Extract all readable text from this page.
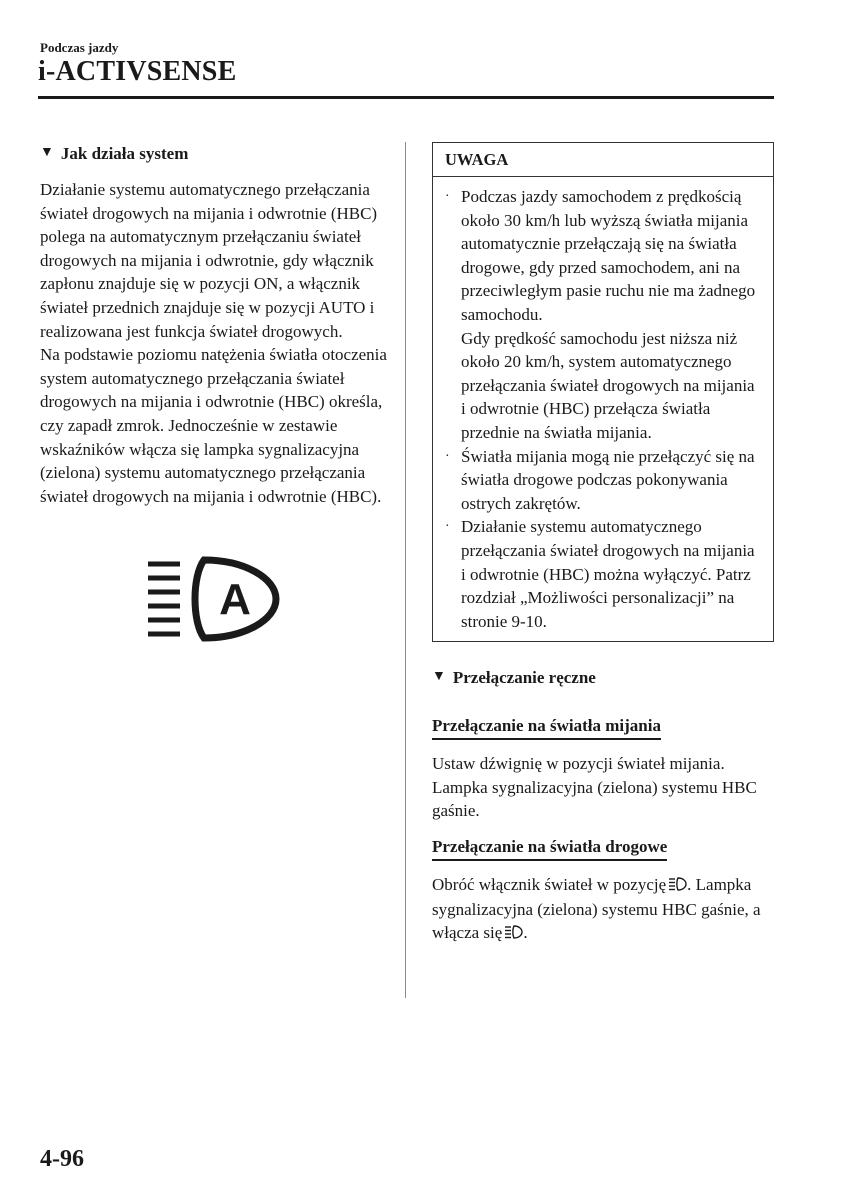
Podczas jazdy
i-ACTIVSENSE
▼ Jak działa system

Działanie systemu automatycznego przełączania świateł drogowych na mijania i odwrotnie (HBC) polega na automatycznym przełączaniu świateł drogowych na mijania i odwrotnie, gdy włącznik zapłonu znajduje się w pozycji ON, a włącznik świateł przednich znajduje się w pozycji AUTO i realizowana jest funkcja świateł drogowych.

Na podstawie poziomu natężenia światła otoczenia system automatycznego przełączania świateł drogowych na mijania i odwrotnie (HBC) określa, czy zapadł zmrok. Jednocześnie w zestawie wskaźników włącza się lampka sygnalizacyjna (zielona) systemu automatycznego przełączania świateł drogowych na mijania i odwrotnie (HBC).

A
UWAGA
· Podczas jazdy samochodem z prędkością około 30 km/h lub wyższą światła mijania automatycznie przełączają się na światła drogowe, gdy przed samochodem, ani na przeciwległym pasie ruchu nie ma żadnego samochodu.
Gdy prędkość samochodu jest niższa niż około 20 km/h, system automatycznego przełączania świateł drogowych na mijania i odwrotnie (HBC) przełącza światła przednie na światła mijania.
· Światła mijania mogą nie przełączyć się na światła drogowe podczas pokonywania ostrych zakrętów.
· Działanie systemu automatycznego przełączania świateł drogowych na mijania i odwrotnie (HBC) można wyłączyć. Patrz rozdział „Możliwości personalizacji” na stronie 9-10.
▼ Przełączanie ręczne
Przełączanie na światła mijania

Ustaw dźwignię w pozycji świateł mijania. Lampka sygnalizacyjna (zielona) systemu HBC gaśnie.

Przełączanie na światła drogowe

Obróć włącznik świateł w pozycję . Lampka sygnalizacyjna (zielona) systemu HBC gaśnie, a włącza się .

4-96
